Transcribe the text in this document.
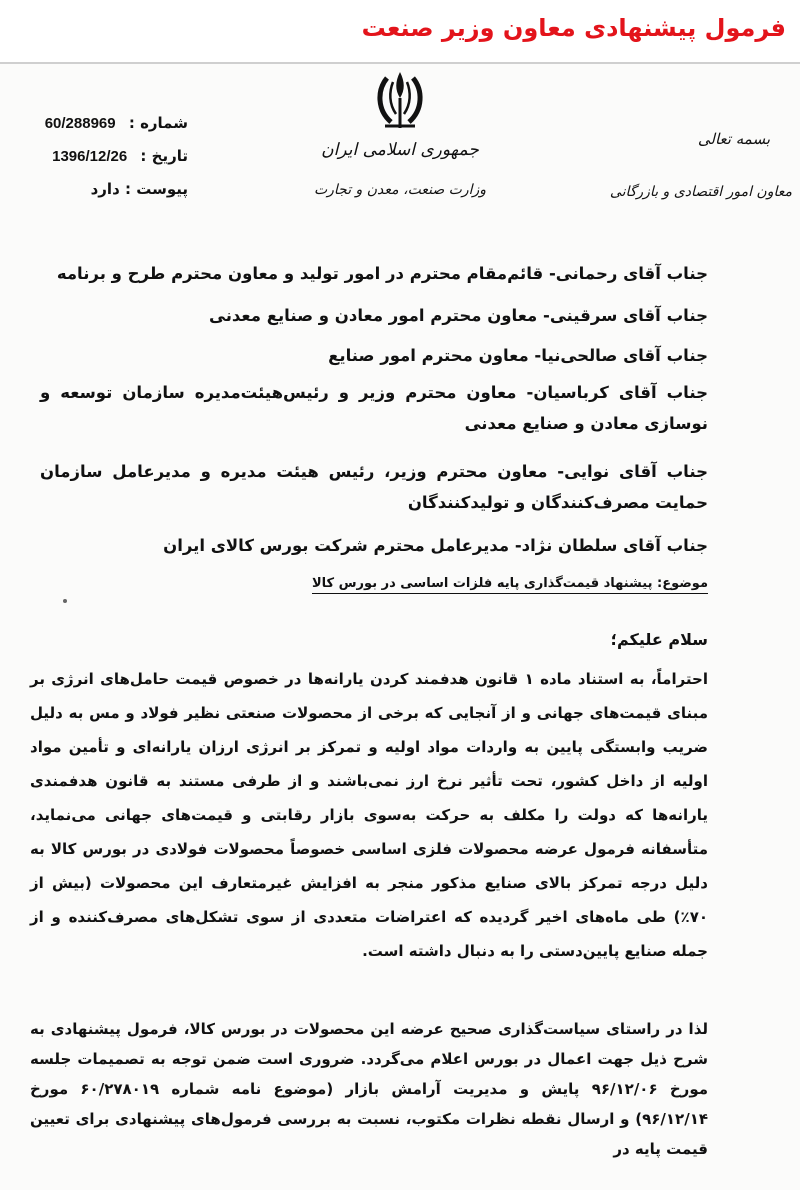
فرمول پیشنهادی معاون وزیر صنعت
شماره : 60/288969
تاریخ : 1396/12/26
پیوست : دارد
جمهوری اسلامی ایران
وزارت صنعت، معدن و تجارت
بسمه تعالی
معاون امور اقتصادی و بازرگانی
جناب آقای رحمانی- قائم‌مقام محترم در امور تولید و معاون محترم طرح و برنامه
جناب آقای سرقینی- معاون محترم امور معادن و صنایع معدنی
جناب آقای صالحی‌نیا- معاون محترم امور صنایع
جناب آقای کرباسیان- معاون محترم وزیر و رئیس‌هیئت‌مدیره سازمان توسعه و نوسازی معادن و صنایع معدنی
جناب آقای نوایی- معاون محترم وزیر، رئیس هیئت مدیره و مدیرعامل سازمان حمایت مصرف‌کنندگان و تولیدکنندگان
جناب آقای سلطان نژاد- مدیرعامل محترم شرکت بورس کالای ایران
موضوع: پیشنهاد قیمت‌گذاری پایه فلزات اساسی در بورس کالا
سلام علیکم؛
احتراماً، به استناد ماده ۱ قانون هدفمند کردن یارانه‌ها در خصوص قیمت حامل‌های انرژی بر مبنای قیمت‌های جهانی و از آنجایی که برخی از محصولات صنعتی نظیر فولاد و مس به دلیل ضریب وابستگی پایین به واردات مواد اولیه و تمرکز بر انرژی ارزان یارانه‌ای و تأمین مواد اولیه از داخل کشور، تحت تأثیر نرخ ارز نمی‌باشند و از طرفی مستند به قانون هدفمندی یارانه‌ها که دولت را مکلف به حرکت به‌سوی بازار رقابتی و قیمت‌های جهانی می‌نماید، متأسفانه فرمول عرضه محصولات فلزی اساسی خصوصاً محصولات فولادی در بورس کالا به دلیل درجه تمرکز بالای صنایع مذکور منجر به افزایش غیرمتعارف این محصولات (بیش از ۷۰٪) طی ماه‌های اخیر گردیده که اعتراضات متعددی از سوی تشکل‌های مصرف‌کننده و از جمله صنایع پایین‌دستی را به دنبال داشته است.
لذا در راستای سیاست‌گذاری صحیح عرضه این محصولات در بورس کالا، فرمول پیشنهادی به شرح ذیل جهت اعمال در بورس اعلام می‌گردد. ضروری است ضمن توجه به تصمیمات جلسه مورخ ۹۶/۱۲/۰۶ پایش و مدیریت آرامش بازار (موضوع نامه شماره ۶۰/۲۷۸۰۱۹ مورخ ۹۶/۱۲/۱۴) و ارسال نقطه نظرات مکتوب، نسبت به بررسی فرمول‌های پیشنهادی برای تعیین قیمت پایه در
